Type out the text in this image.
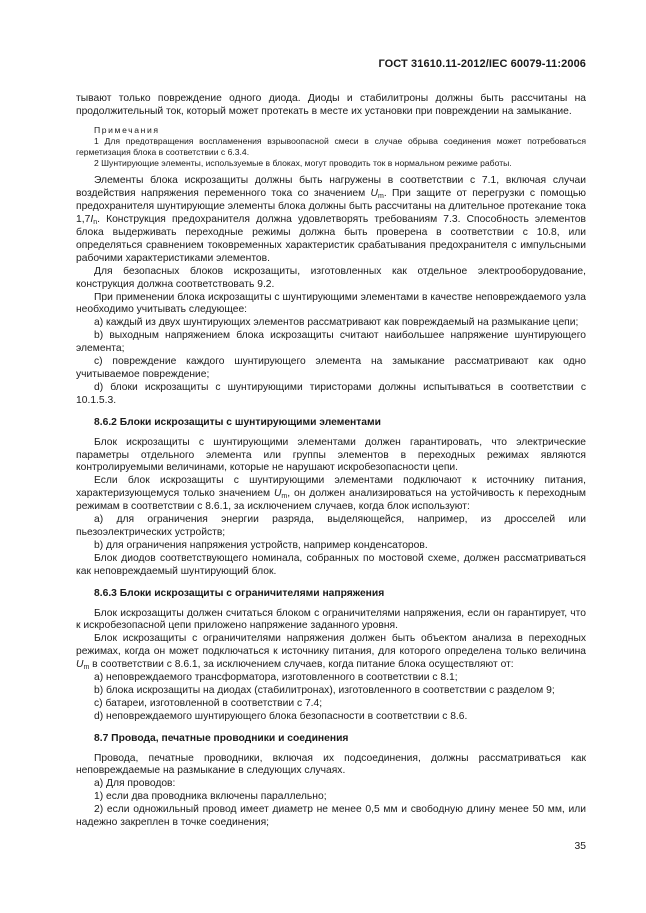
ГОСТ 31610.11-2012/IEC 60079-11:2006

тывают только повреждение одного диода. Диоды и стабилитроны должны быть рассчитаны на продолжительный ток, который может протекать в месте их установки при повреждении на замыкание.

Примечания
1 Для предотвращения воспламенения взрывоопасной смеси в случае обрыва соединения может потребоваться герметизация блока в соответствии с 6.3.4.
2 Шунтирующие элементы, используемые в блоках, могут проводить ток в нормальном режиме работы.

Элементы блока искрозащиты должны быть нагружены в соответствии с 7.1, включая случаи воздействия напряжения переменного тока со значением $U_m$. При защите от перегрузки с помощью предохранителя шунтирующие элементы блока должны быть рассчитаны на длительное протекание тока $1,7I_n$. Конструкция предохранителя должна удовлетворять требованиям 7.3. Способность элементов блока выдерживать переходные режимы должна быть проверена в соответствии с 10.8, или определяться сравнением токовременных характеристик срабатывания предохранителя с импульсными рабочими характеристиками элементов.

Для безопасных блоков искрозащиты, изготовленных как отдельное электрооборудование, конструкция должна соответствовать 9.2.

При применении блока искрозащиты с шунтирующими элементами в качестве неповреждаемого узла необходимо учитывать следующее:

a) каждый из двух шунтирующих элементов рассматривают как повреждаемый на размыкание цепи;

b) выходным напряжением блока искрозащиты считают наибольшее напряжение шунтирующего элемента;

c) повреждение каждого шунтирующего элемента на замыкание рассматривают как одно учитываемое повреждение;

d) блоки искрозащиты с шунтирующими тиристорами должны испытываться в соответствии с 10.1.5.3.

8.6.2 Блоки искрозащиты с шунтирующими элементами

Блок искрозащиты с шунтирующими элементами должен гарантировать, что электрические параметры отдельного элемента или группы элементов в переходных режимах являются контролируемыми величинами, которые не нарушают искробезопасности цепи.

Если блок искрозащиты с шунтирующими элементами подключают к источнику питания, характеризующемуся только значением $U_m$, он должен анализироваться на устойчивость к переходным режимам в соответствии с 8.6.1, за исключением случаев, когда блок используют:

a) для ограничения энергии разряда, выделяющейся, например, из дросселей или пьезоэлектрических устройств;

b) для ограничения напряжения устройств, например конденсаторов.

Блок диодов соответствующего номинала, собранных по мостовой схеме, должен рассматриваться как неповреждаемый шунтирующий блок.

8.6.3 Блоки искрозащиты с ограничителями напряжения

Блок искрозащиты должен считаться блоком с ограничителями напряжения, если он гарантирует, что к искробезопасной цепи приложено напряжение заданного уровня.

Блок искрозащиты с ограничителями напряжения должен быть объектом анализа в переходных режимах, когда он может подключаться к источнику питания, для которого определена только величина $U_m$ в соответствии с 8.6.1, за исключением случаев, когда питание блока осуществляют от:

a) неповреждаемого трансформатора, изготовленного в соответствии с 8.1;

b) блока искрозащиты на диодах (стабилитронах), изготовленного в соответствии с разделом 9;

c) батареи, изготовленной в соответствии с 7.4;

d) неповреждаемого шунтирующего блока безопасности в соответствии с 8.6.

8.7 Провода, печатные проводники и соединения

Провода, печатные проводники, включая их подсоединения, должны рассматриваться как неповреждаемые на размыкание в следующих случаях.

а) Для проводов:

1) если два проводника включены параллельно;

2) если одножильный провод имеет диаметр не менее 0,5 мм и свободную длину менее 50 мм, или надежно закреплен в точке соединения;

35
